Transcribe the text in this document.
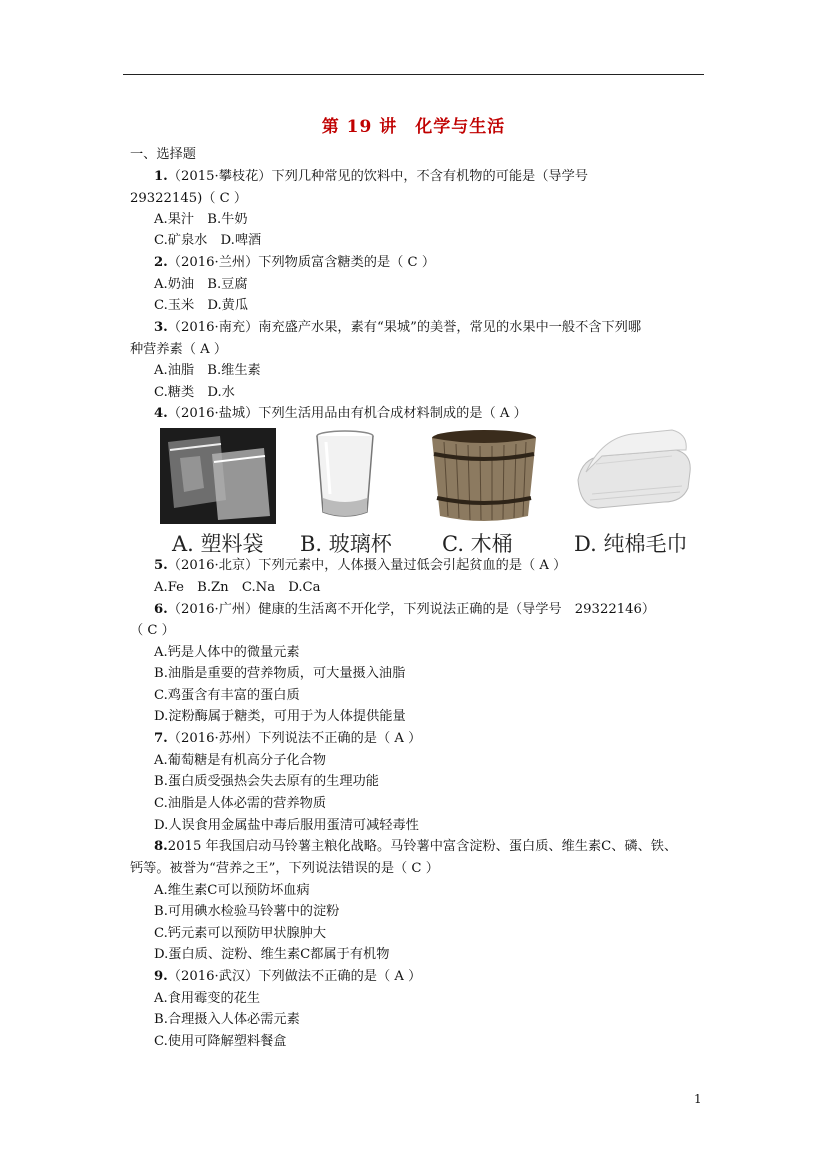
第 19 讲　化学与生活
一、选择题
1.（2015·攀枝花）下列几种常见的饮料中，不含有机物的可能是（导学号
29322145)（ C ）
A.果汁　B.牛奶
C.矿泉水　D.啤酒
2.（2016·兰州）下列物质富含糖类的是（ C ）
A.奶油　B.豆腐
C.玉米　D.黄瓜
3.（2016·南充）南充盛产水果，素有“果城”的美誉，常见的水果中一般不含下列哪
种营养素（ A ）
A.油脂　B.维生素
C.糖类　D.水
4.（2016·盐城）下列生活用品由有机合成材料制成的是（ A ）
A. 塑料袋 B. 玻璃杯 C. 木桶	D. 纯棉毛巾
5.（2016·北京）下列元素中，人体摄入量过低会引起贫血的是（ A ）
A.Fe　B.Zn　C.Na　D.Ca
6.（2016·广州）健康的生活离不开化学，下列说法正确的是（导学号　29322146）
（ C ）
A.钙是人体中的微量元素
B.油脂是重要的营养物质，可大量摄入油脂
C.鸡蛋含有丰富的蛋白质
D.淀粉酶属于糖类，可用于为人体提供能量
7.（2016·苏州）下列说法不正确的是（ A ）
A.葡萄糖是有机高分子化合物
B.蛋白质受强热会失去原有的生理功能
C.油脂是人体必需的营养物质
D.人误食用金属盐中毒后服用蛋清可减轻毒性
8.2015 年我国启动马铃薯主粮化战略。马铃薯中富含淀粉、蛋白质、维生素C、磷、铁、
钙等。被誉为“营养之王”，下列说法错误的是（ C ）
A.维生素C可以预防坏血病
B.可用碘水检验马铃薯中的淀粉
C.钙元素可以预防甲状腺肿大
D.蛋白质、淀粉、维生素C都属于有机物
9.（2016·武汉）下列做法不正确的是（ A ）
A.食用霉变的花生
B.合理摄入人体必需元素
C.使用可降解塑料餐盒
1
